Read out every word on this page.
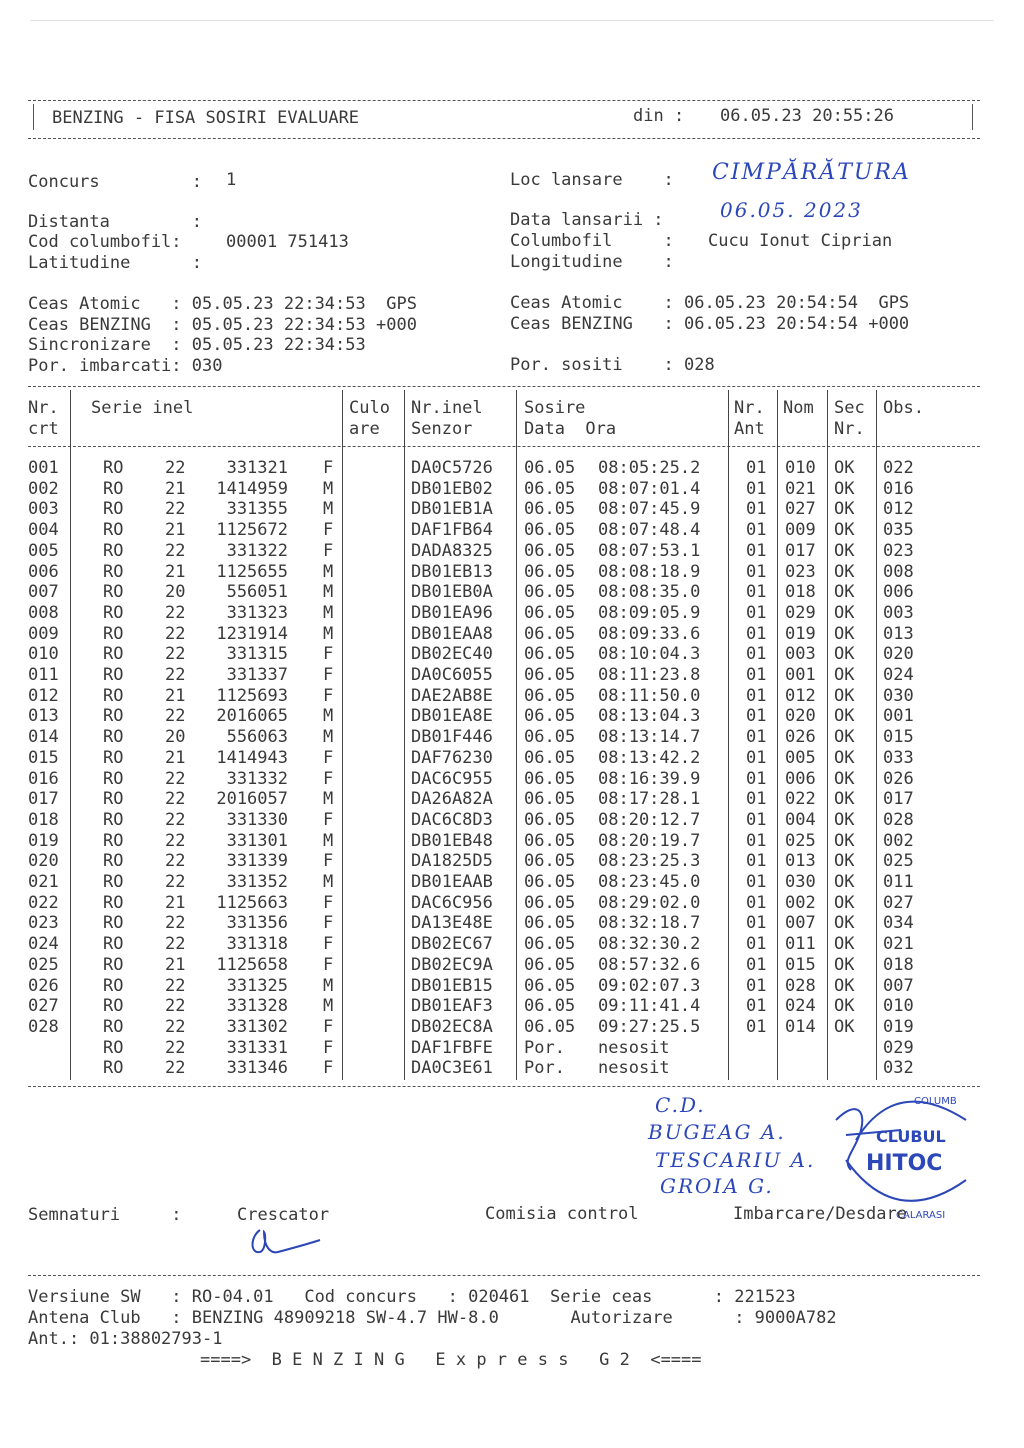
BENZING - FISA SOSIRI EVALUARE	din : 06.05.23 20:55:26
Concurs         : 1	Loc lansare    : CIMPĂRĂTURA
Distanta        :	Data lansarii :	06.05. 2023
Cod columbofil:	00001 751413	Columbofil     : Cucu Ionut Ciprian
Latitudine      :	Longitudine    :
Ceas Atomic   : 05.05.23 22:34:53  GPS
Ceas BENZING  : 05.05.23 22:34:53 +000
Sincronizare  : 05.05.23 22:34:53
Por. imbarcati: 030
Ceas Atomic    : 06.05.23 20:54:54  GPS
Ceas BENZING   : 06.05.23 20:54:54 +000
Por. sositi    : 028
Nr.
crt
Serie inel	Culo
are
Nr.inel
Senzor
Sosire
Data  Ora
Nr.
Ant
Nom Sec
Nr.
Obs.
001	RO 22	331321 F	DA0C5726 06.05 08:05:25.2	01 010 OK 022
002	RO 21	1414959 M	DB01EB02 06.05 08:07:01.4	01 021 OK 016
003	RO 22	331355 M	DB01EB1A 06.05 08:07:45.9	01 027 OK 012
004	RO 21	1125672 F	DAF1FB64 06.05 08:07:48.4	01 009 OK 035
005	RO 22	331322 F	DADA8325 06.05 08:07:53.1	01 017 OK 023
006	RO 21	1125655 M	DB01EB13 06.05 08:08:18.9	01 023 OK 008
007	RO 20	556051 M	DB01EB0A 06.05 08:08:35.0	01 018 OK 006
008	RO 22	331323 M	DB01EA96 06.05 08:09:05.9	01 029 OK 003
009	RO 22	1231914 M	DB01EAA8 06.05 08:09:33.6	01 019 OK 013
010	RO 22	331315 F	DB02EC40 06.05 08:10:04.3	01 003 OK 020
011	RO 22	331337 F	DA0C6055 06.05 08:11:23.8	01 001 OK 024
012	RO 21	1125693 F	DAE2AB8E 06.05 08:11:50.0	01 012 OK 030
013	RO 22	2016065 M	DB01EA8E 06.05 08:13:04.3	01 020 OK 001
014	RO 20	556063 M	DB01F446 06.05 08:13:14.7	01 026 OK 015
015	RO 21	1414943 F	DAF76230 06.05 08:13:42.2	01 005 OK 033
016	RO 22	331332 F	DAC6C955 06.05 08:16:39.9	01 006 OK 026
017	RO 22	2016057 M	DA26A82A 06.05 08:17:28.1	01 022 OK 017
018	RO 22	331330 F	DAC6C8D3 06.05 08:20:12.7	01 004 OK 028
019	RO 22	331301 M	DB01EB48 06.05 08:20:19.7	01 025 OK 002
020	RO 22	331339 F	DA1825D5 06.05 08:23:25.3	01 013 OK 025
021	RO 22	331352 M	DB01EAAB 06.05 08:23:45.0	01 030 OK 011
022	RO 21	1125663 F	DAC6C956 06.05 08:29:02.0	01 002 OK 027
023	RO 22	331356 F	DA13E48E 06.05 08:32:18.7	01 007 OK 034
024	RO 22	331318 F	DB02EC67 06.05 08:32:30.2	01 011 OK 021
025	RO 21	1125658 F	DB02EC9A 06.05 08:57:32.6	01 015 OK 018
026	RO 22	331325 M	DB01EB15 06.05 09:02:07.3	01 028 OK 007
027	RO 22	331328 M	DB01EAF3 06.05 09:11:41.4	01 024 OK 010
028	RO 22	331302 F	DB02EC8A 06.05 09:27:25.5	01 014 OK 019
RO 22	331331 F	DAF1FBFE Por. nesosit	029
RO 22	331346 F	DA0C3E61 Por. nesosit	032
C.D.
BUGEAG A.
TESCARIU A.
GROIA G.
COLUMB
CLUBUL
HITOC
CALARASI
Semnaturi     :	Crescator	Comisia control	Imbarcare/Desdare
Versiune SW   : RO-04.01   Cod concurs   : 020461  Serie ceas      : 221523
Antena Club   : BENZING 48909218 SW-4.7 HW-8.0       Autorizare      : 9000A782
Ant.: 01:38802793-1
====>  B E N Z I N G   E x p r e s s   G 2  <====
